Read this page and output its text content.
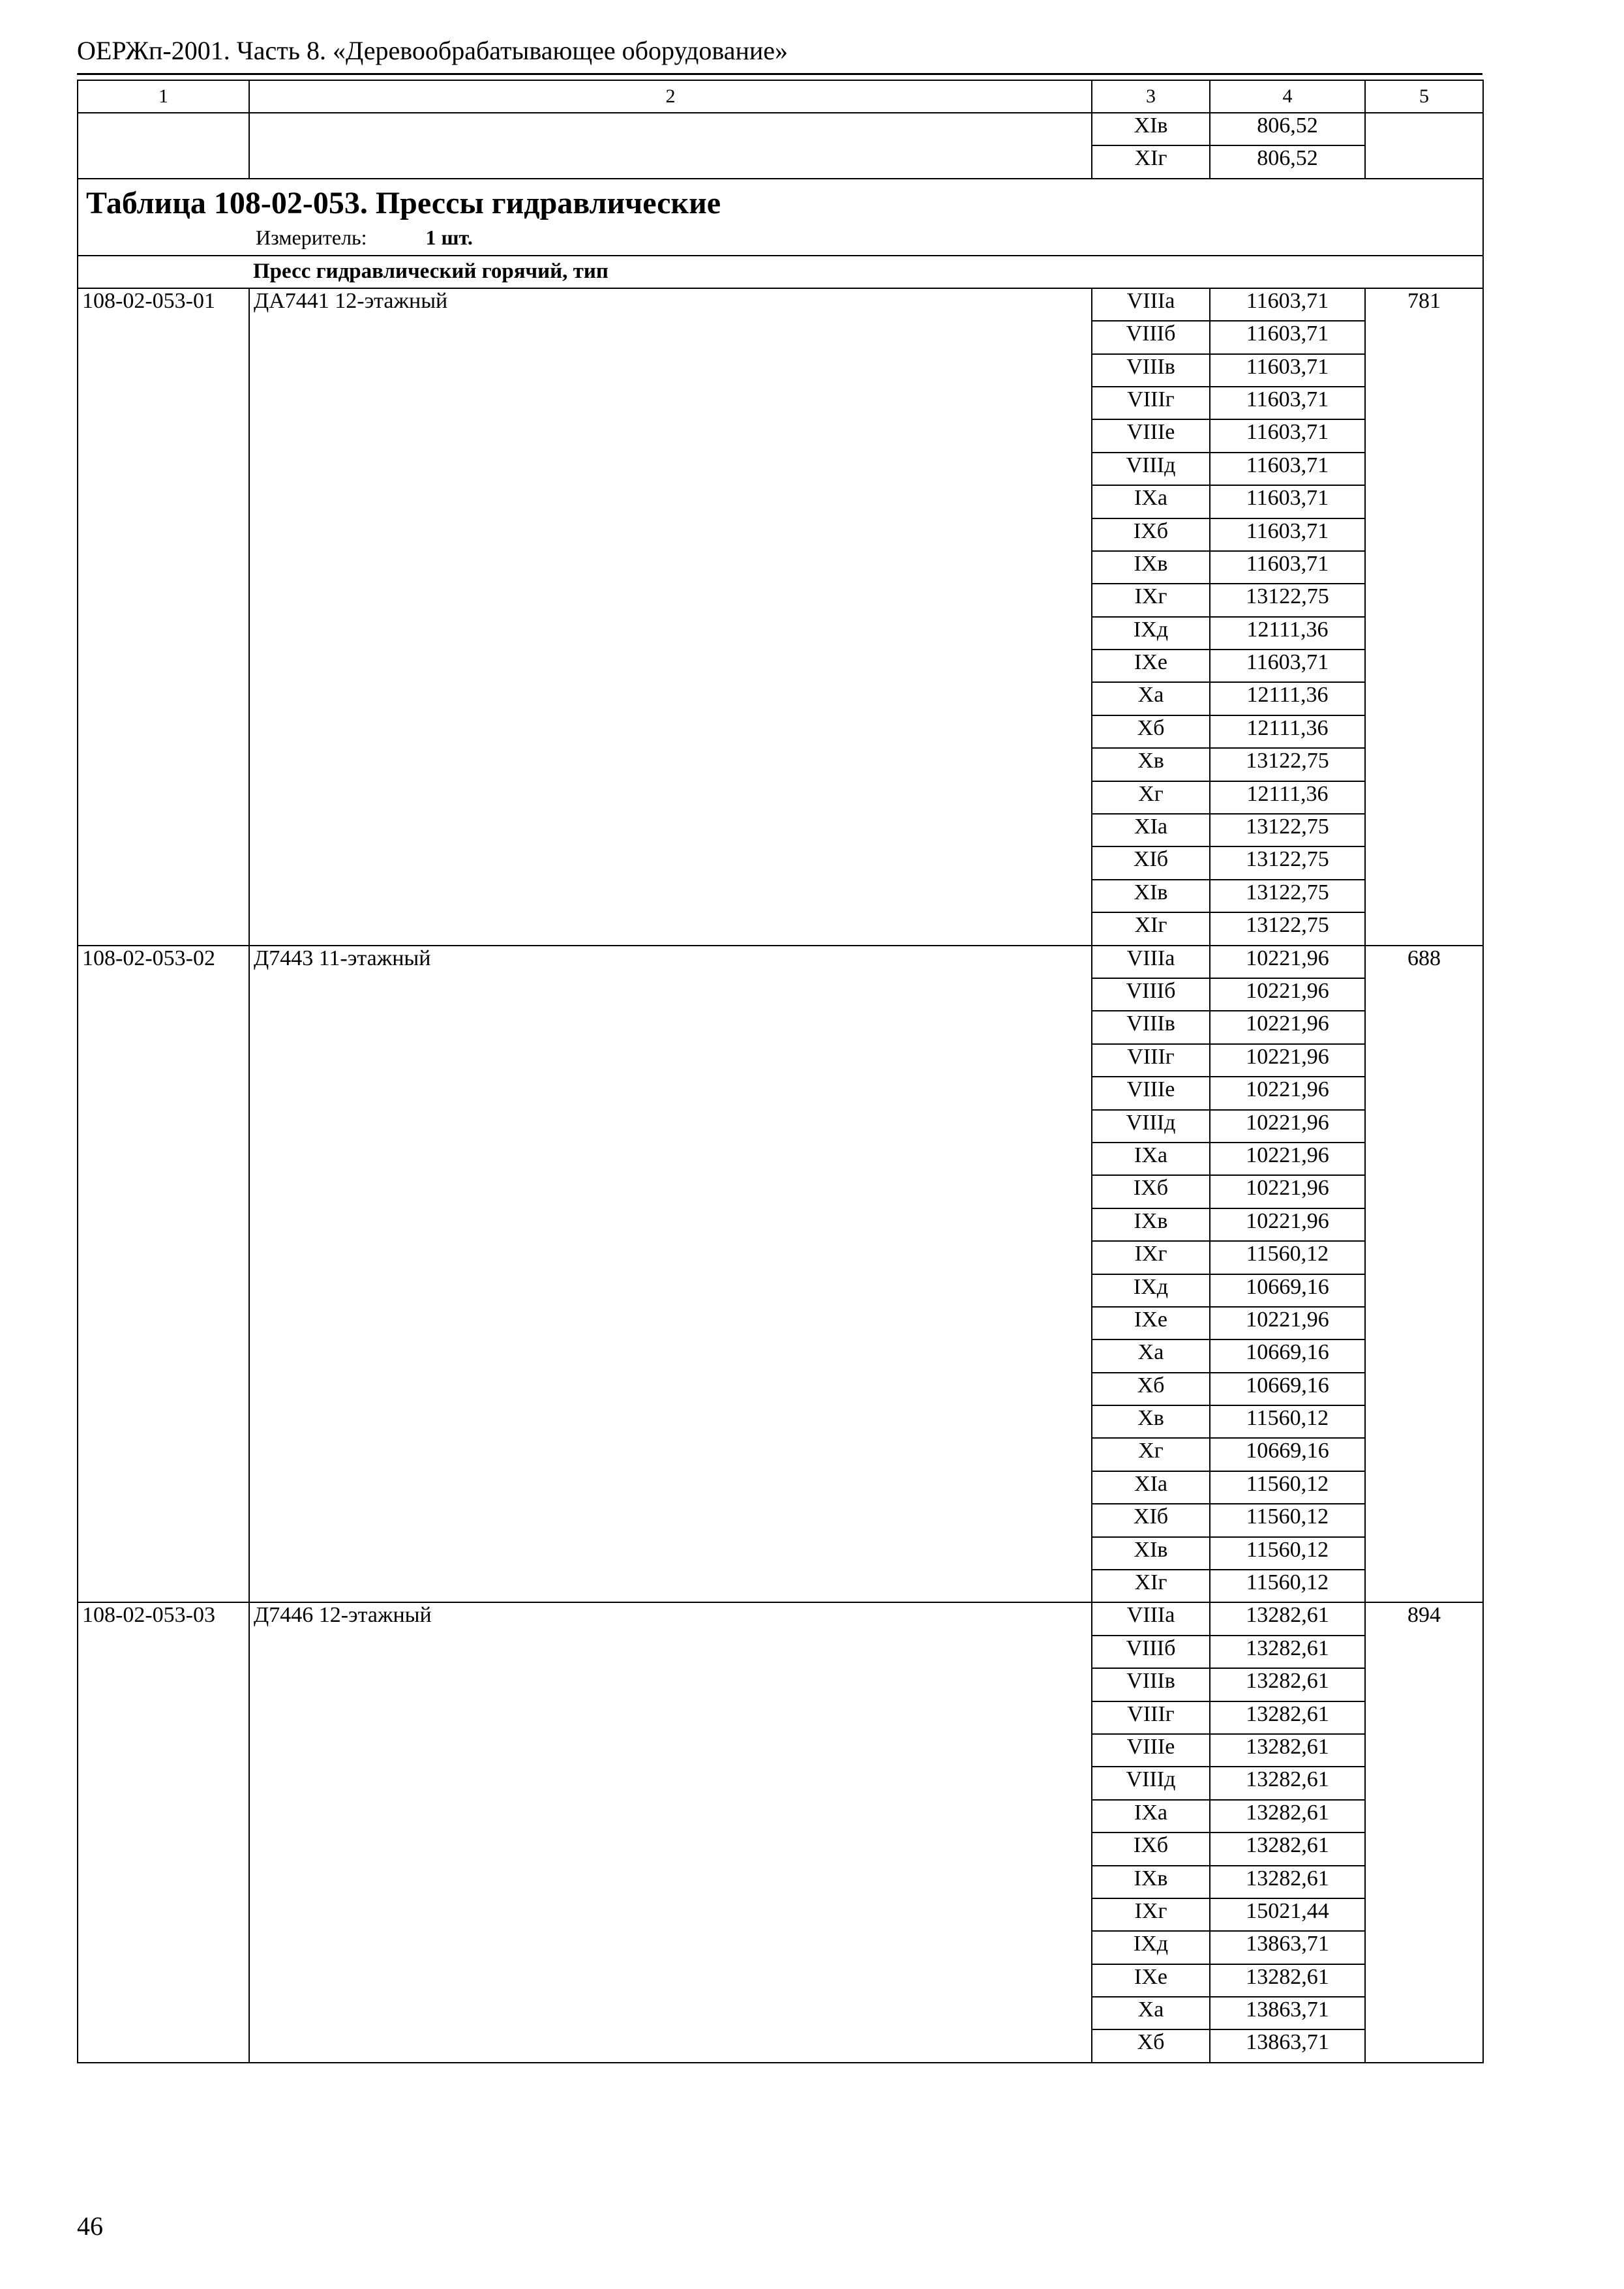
ОЕРЖп-2001. Часть 8. «Деревообрабатывающее оборудование»
1	2	3	4	5
		XIв	806,52	
		XIг	806,52	

Таблица 108-02-053. Прессы гидравлические
Измеритель: 1 шт.				

	Пресс гидравлический горячий, тип			
108-02-053-01	ДА7441 12-этажный	VIIIа	11603,71	781
		VIIIб	11603,71	
		VIIIв	11603,71	
		VIIIг	11603,71	
		VIIIе	11603,71	
		VIIIд	11603,71	
		IXа	11603,71	
		IXб	11603,71	
		IXв	11603,71	
		IXг	13122,75	
		IXд	12111,36	
		IXе	11603,71	
		Xа	12111,36	
		Xб	12111,36	
		Xв	13122,75	
		Xг	12111,36	
		XIа	13122,75	
		XIб	13122,75	
		XIв	13122,75	
		XIг	13122,75	
108-02-053-02	Д7443 11-этажный	VIIIа	10221,96	688
		VIIIб	10221,96	
		VIIIв	10221,96	
		VIIIг	10221,96	
		VIIIе	10221,96	
		VIIIд	10221,96	
		IXа	10221,96	
		IXб	10221,96	
		IXв	10221,96	
		IXг	11560,12	
		IXд	10669,16	
		IXе	10221,96	
		Xа	10669,16	
		Xб	10669,16	
		Xв	11560,12	
		Xг	10669,16	
		XIа	11560,12	
		XIб	11560,12	
		XIв	11560,12	
		XIг	11560,12	
108-02-053-03	Д7446 12-этажный	VIIIа	13282,61	894
		VIIIб	13282,61	
		VIIIв	13282,61	
		VIIIг	13282,61	
		VIIIе	13282,61	
		VIIIд	13282,61	
		IXа	13282,61	
		IXб	13282,61	
		IXв	13282,61	
		IXг	15021,44	
		IXд	13863,71	
		IXе	13282,61	
		Xа	13863,71	
		Xб	13863,71	
46
